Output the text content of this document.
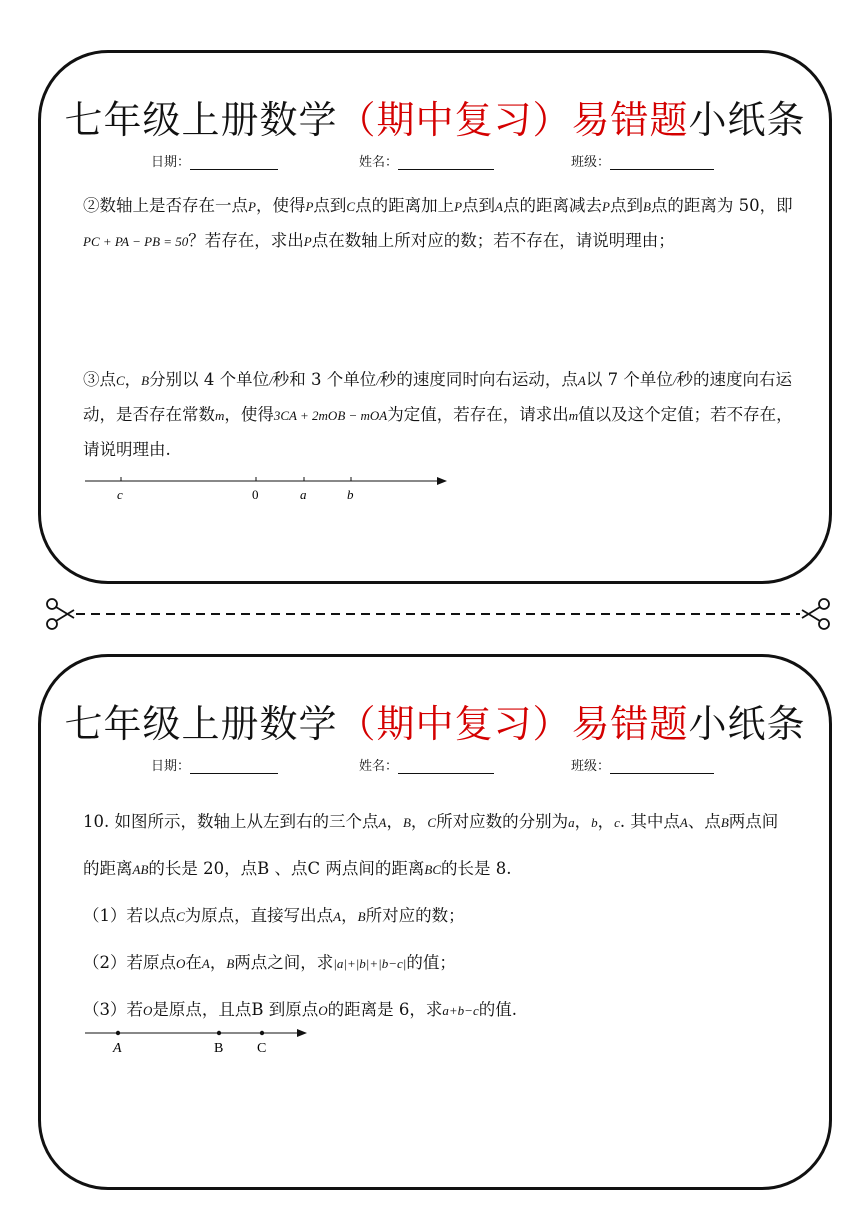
七年级上册数学（期中复习）易错题小纸条
日期：	姓名：	班级：
②数轴上是否存在一点P，使得P点到C点的距离加上P点到A点的距离减去P点到B点的距离为 50，即PC + PA − PB = 50？若存在，求出P点在数轴上所对应的数；若不存在，请说明理由；
③点C，B分别以 4 个单位/秒和 3 个单位/秒的速度同时向右运动，点A以 7 个单位/秒的速度向右运动，是否存在常数m，使得3CA + 2mOB − mOA为定值，若存在，请求出m值以及这个定值；若不存在，请说明理由.
c	0	a	b
七年级上册数学（期中复习）易错题小纸条
日期：	姓名：	班级：
10. 如图所示，数轴上从左到右的三个点A，B，C所对应数的分别为a，b，c. 其中点A、点B两点间的距离AB的长是 20，点B 、点C 两点间的距离BC的长是 8.
（1）若以点C为原点，直接写出点A，B所对应的数；
（2）若原点O在A，B两点之间，求|a|+|b|+|b−c|的值；
（3）若O是原点，且点B 到原点O的距离是 6，求a+b−c的值.
A	B C
